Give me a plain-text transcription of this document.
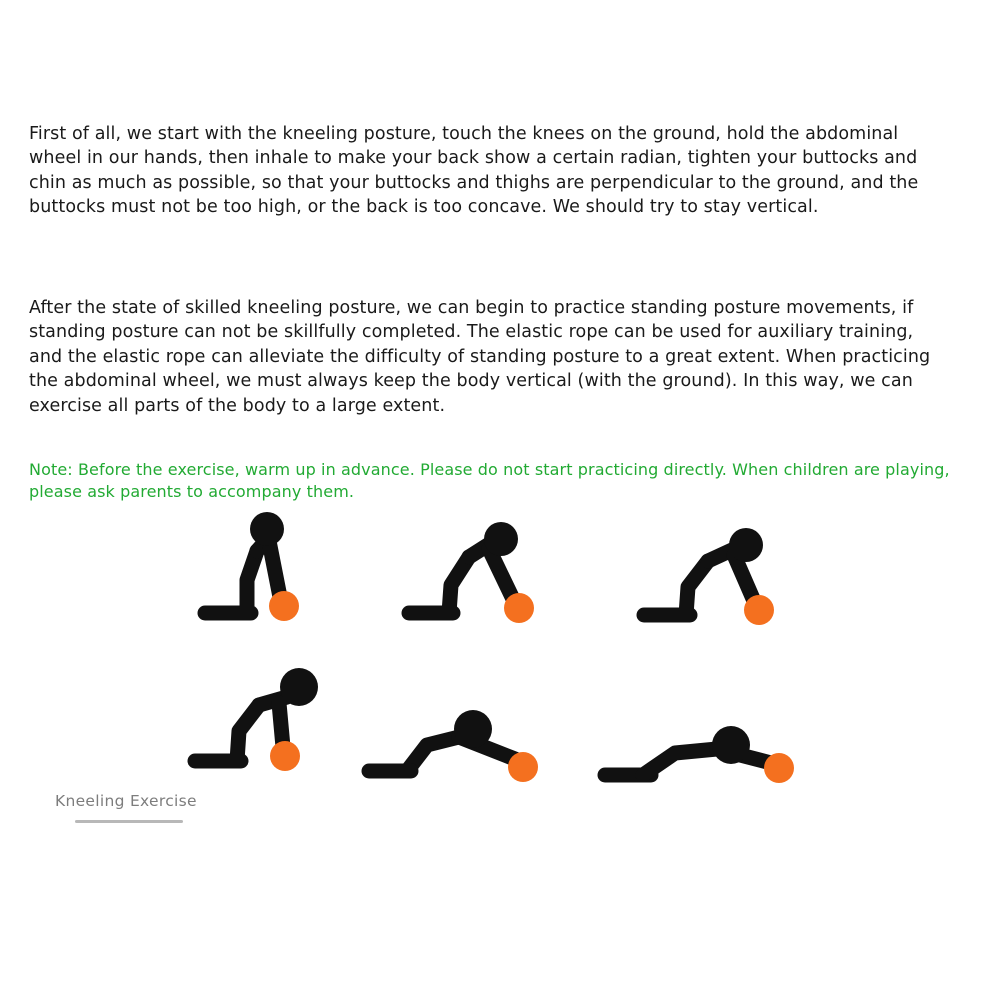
First of all, we start with the kneeling posture, touch the knees on the ground, hold the abdominal wheel in our hands, then inhale to make your back show a certain radian, tighten your buttocks and chin as much as possible, so that your buttocks and thighs are perpendicular to the ground, and the buttocks must not be too high, or the back is too concave. We should try to stay vertical.

After the state of skilled kneeling posture, we can begin to practice standing posture movements, if standing posture can not be skillfully completed. The elastic rope can be used for auxiliary training, and the elastic rope can alleviate the difficulty of standing posture to a great extent. When practicing the abdominal wheel, we must always keep the body vertical (with the ground). In this way, we can exercise all parts of the body to a large extent.

Note: Before the exercise, warm up in advance. Please do not start practicing directly. When children are playing, please ask parents to accompany them.

Kneeling Exercise
